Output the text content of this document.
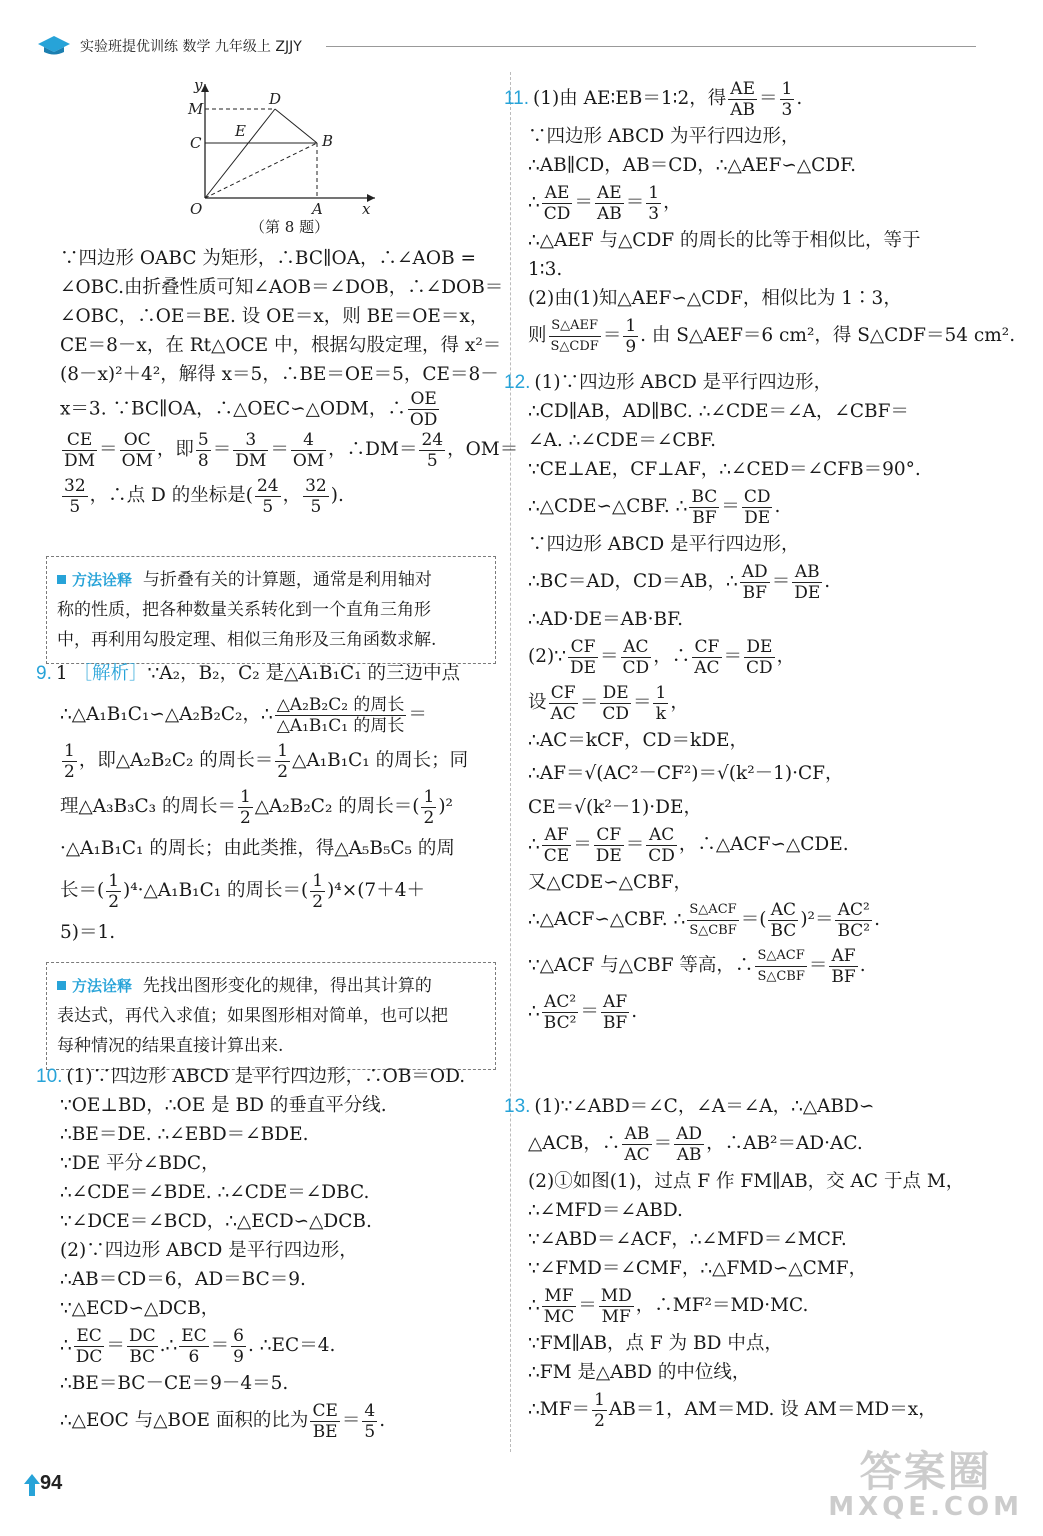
实验班提优训练 数学 九年级上 ZJJY
y
M
D
C
E
B
O	A	x
（第 8 题）
∵四边形 OABC 为矩形，∴BC∥OA，∴∠AOB =
∠OBC.由折叠性质可知∠AOB＝∠DOB，∴∠DOB＝
∠OBC，∴OE＝BE. 设 OE＝x，则 BE＝OE＝x，
CE＝8－x，在 Rt△OCE 中，根据勾股定理，得 x²＝
(8－x)²＋4²，解得 x＝5，∴BE＝OE＝5，CE＝8－
x＝3. ∵BC∥OA，∴△OEC∽△ODM，∴ $\frac{OE}{OD}$
$\frac{CE}{DM} = \frac{OC}{OM}$ ，即 $\frac{5}{8} = \frac{3}{DM} = \frac{4}{OM}$ ，∴DM＝ $\frac{24}{5}$ ，OM＝
$\frac{32}{5}$ ，∴点 D 的坐标是( $\frac{24}{5}$ ， $\frac{32}{5}$ ).
方法诠释 与折叠有关的计算题，通常是利用轴对
称的性质，把各种数量关系转化到一个直角三角形
中，再利用勾股定理、相似三角形及三角函数求解.
9. 1 ［解析］∵A₂，B₂，C₂ 是△A₁B₁C₁ 的三边中点
∴△A₁B₁C₁∽△A₂B₂C₂，∴ △A₂B₂C₂ 的周长
△A₁B₁C₁ 的周长
＝
$\frac{1}{2}$ ，即△A₂B₂C₂ 的周长＝ $\frac{1}{2}$ △A₁B₁C₁ 的周长；同
理△A₃B₃C₃ 的周长＝ $\frac{1}{2}$ △A₂B₂C₂ 的周长＝( $\frac{1}{2} )^2$
·△A₁B₁C₁ 的周长；由此类推，得△A₅B₅C₅ 的周
长＝( $\frac{1}{2}$ )⁴·△A₁B₁C₁ 的周长＝( $\frac{1}{2} )^4\times(7+4+$
5)＝1.
方法诠释 先找出图形变化的规律，得出其计算的
表达式，再代入求值；如果图形相对简单，也可以把
每种情况的结果直接计算出来.
10. (1)∵四边形 ABCD 是平行四边形，∴OB＝OD.
∵OE⊥BD，∴OE 是 BD 的垂直平分线.
∴BE＝DE. ∴∠EBD＝∠BDE.
∵DE 平分∠BDC，
∴∠CDE＝∠BDE. ∴∠CDE＝∠DBC.
∵∠DCE＝∠BCD，∴△ECD∽△DCB.
(2)∵四边形 ABCD 是平行四边形，
∴AB＝CD＝6，AD＝BC＝9.
∵△ECD∽△DCB，
∴ $\frac{EC}{DC} = \frac{DC}{BC}$ .∴ $\frac{EC}{6} = \frac{6}{9}$ . ∴EC＝4.
∴BE＝BC－CE＝9－4＝5.
∴△EOC 与△BOE 面积的比为 $\frac{CE}{BE} = \frac{4}{5}$ .
11. (1)由 AE∶EB＝1∶2，得 $\frac{AE}{AB} = \frac{1}{3}$ .
∵四边形 ABCD 为平行四边形，
∴AB∥CD，AB＝CD，∴△AEF∽△CDF.
∴ $\frac{AE}{CD} = \frac{AE}{AB} = \frac{1}{3}$ ，
∴△AEF 与△CDF 的周长的比等于相似比，等于
1∶3.
(2)由(1)知△AEF∽△CDF，相似比为 1∶3，
则 S△AEF
S△CDF ＝ $\frac{1}{9}$ . 由 S△AEF＝6 cm²，得 S△CDF＝54 cm².
12. (1)∵四边形 ABCD 是平行四边形，
∴CD∥AB，AD∥BC. ∴∠CDE＝∠A，∠CBF＝
∠A. ∴∠CDE＝∠CBF.
∵CE⊥AE，CF⊥AF，∴∠CED＝∠CFB＝90°.
∴△CDE∽△CBF. ∴ $\frac{BC}{BF} = \frac{CD}{DE}$ .
∵四边形 ABCD 是平行四边形，
∴BC＝AD，CD＝AB，∴ $\frac{AD}{BF} = \frac{AB}{DE}$ .
∴AD·DE＝AB·BF.
(2)∵ $\frac{CF}{DE} = \frac{AC}{CD}$ ，∴ $\frac{CF}{AC} = \frac{DE}{CD}$ ，
设 $\frac{CF}{AC} = \frac{DE}{CD} = \frac{1}{k}$ ，
∴AC＝kCF，CD＝kDE，
∴AF＝√(AC²－CF²)＝√(k²－1)·CF，
CE＝√(k²－1)·DE，
∴ $\frac{AF}{CE} = \frac{CF}{DE} = \frac{AC}{CD}$ ，∴△ACF∽△CDE.
又△CDE∽△CBF，
∴△ACF∽△CBF. ∴ S△ACF
S△CBF ＝( $\frac{AC}{BC} )^2= \frac{\text{AC²}}{\text{BC²}}$ .
∵△ACF 与△CBF 等高，∴ S△ACF
S△CBF ＝ $\frac{AF}{BF}$ .
∴ $\frac{\text{AC²}}{\text{BC²}} = \frac{AF}{BF}$ .
13. (1)∵∠ABD＝∠C，∠A＝∠A，∴△ABD∽
△ACB，∴ $\frac{AB}{AC} = \frac{AD}{AB}$ ，∴AB²＝AD·AC.
(2)①如图(1)，过点 F 作 FM∥AB，交 AC 于点 M，
∴∠MFD＝∠ABD.
∵∠ABD＝∠ACF，∴∠MFD＝∠MCF.
∵∠FMD＝∠CMF，∴△FMD∽△CMF，
∴ $\frac{MF}{MC} = \frac{MD}{MF}$ ，∴MF²＝MD·MC.
∵FM∥AB，点 F 为 BD 中点，
∴FM 是△ABD 的中位线，
∴MF＝ $\frac{1}{2} AB=1$，AM＝MD. 设 AM＝MD＝x，
94	答案圈
MXQE.COM
